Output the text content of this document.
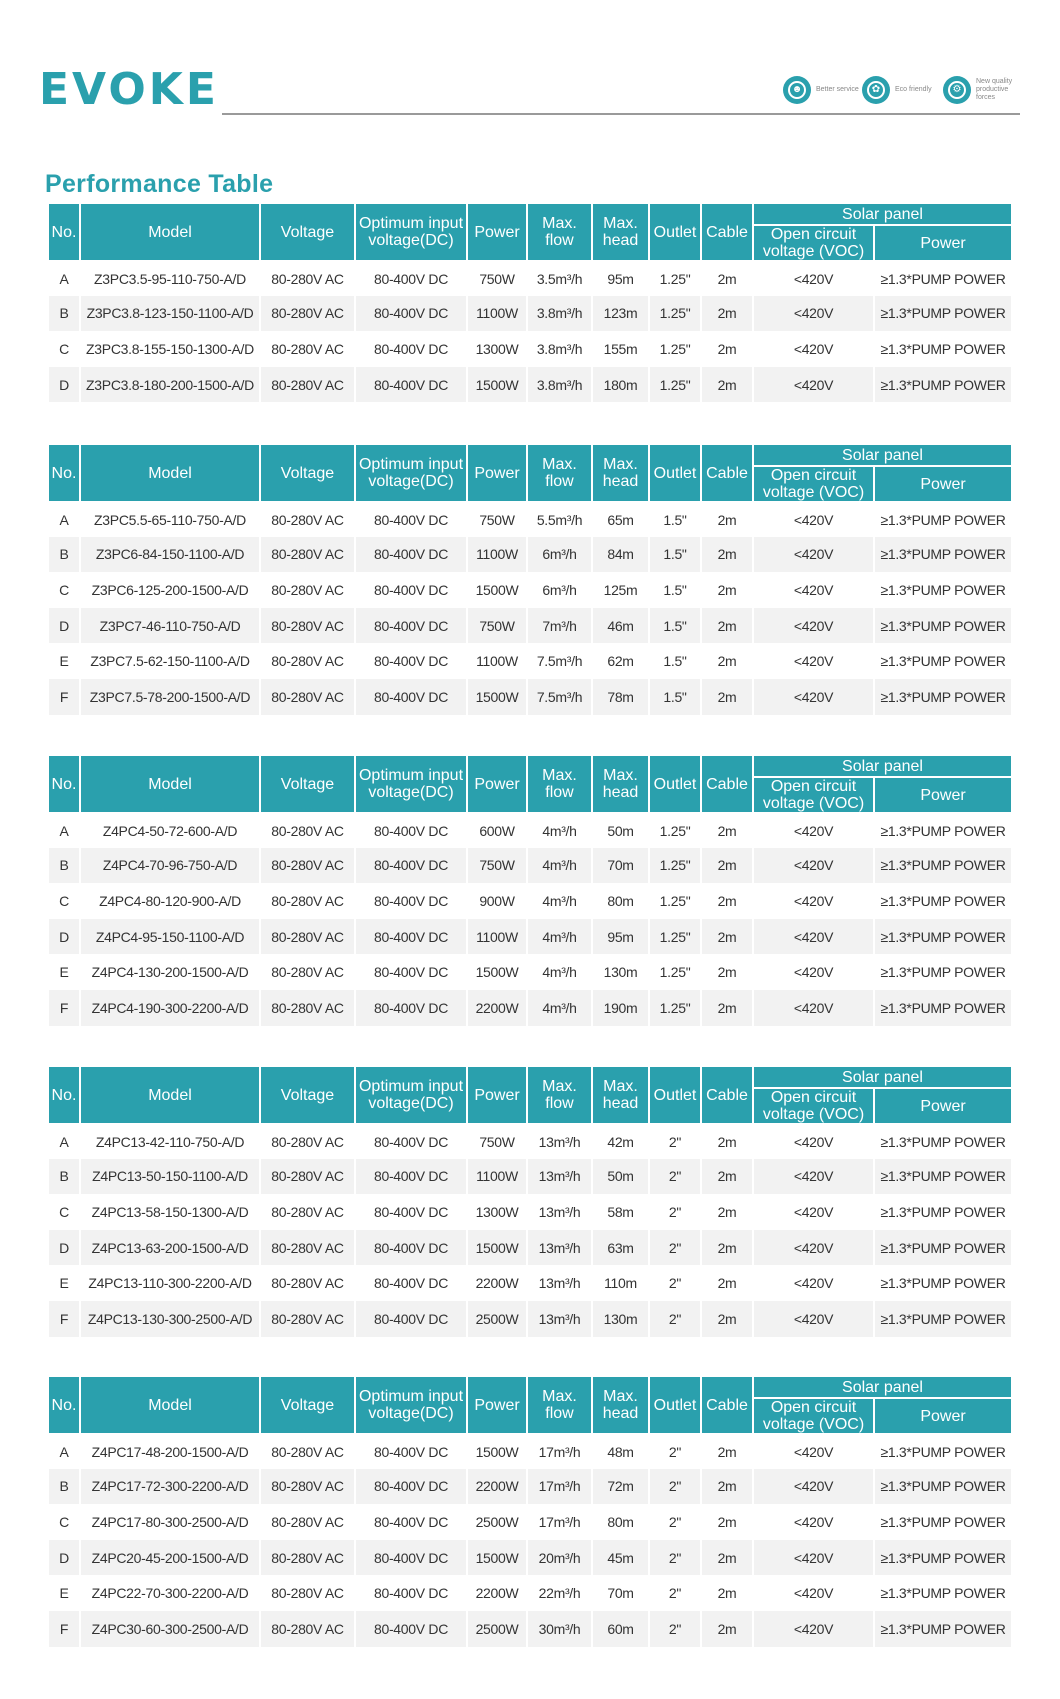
EVOKE	☻	Better service	✿	Eco friendly	⚙
New quality productive forces
Performance Table
No.	Model	Voltage	Optimum input voltage(DC)	Power	Max. flow	Max. head	Outlet	Cable	Solar panel	
									Open circuit voltage (VOC)	Power
A	Z3PC3.5-95-110-750-A/D	80-280V AC	80-400V DC	750W	3.5m³/h	95m	1.25"	2m	<420V	≥1.3*PUMP POWER
B	Z3PC3.8-123-150-1100-A/D	80-280V AC	80-400V DC	1100W	3.8m³/h	123m	1.25"	2m	<420V	≥1.3*PUMP POWER
C	Z3PC3.8-155-150-1300-A/D	80-280V AC	80-400V DC	1300W	3.8m³/h	155m	1.25"	2m	<420V	≥1.3*PUMP POWER
D	Z3PC3.8-180-200-1500-A/D	80-280V AC	80-400V DC	1500W	3.8m³/h	180m	1.25"	2m	<420V	≥1.3*PUMP POWER
No.	Model	Voltage	Optimum input voltage(DC)	Power	Max. flow	Max. head	Outlet	Cable	Solar panel	
									Open circuit voltage (VOC)	Power
A	Z3PC5.5-65-110-750-A/D	80-280V AC	80-400V DC	750W	5.5m³/h	65m	1.5"	2m	<420V	≥1.3*PUMP POWER
B	Z3PC6-84-150-1100-A/D	80-280V AC	80-400V DC	1100W	6m³/h	84m	1.5"	2m	<420V	≥1.3*PUMP POWER
C	Z3PC6-125-200-1500-A/D	80-280V AC	80-400V DC	1500W	6m³/h	125m	1.5"	2m	<420V	≥1.3*PUMP POWER
D	Z3PC7-46-110-750-A/D	80-280V AC	80-400V DC	750W	7m³/h	46m	1.5"	2m	<420V	≥1.3*PUMP POWER
E	Z3PC7.5-62-150-1100-A/D	80-280V AC	80-400V DC	1100W	7.5m³/h	62m	1.5"	2m	<420V	≥1.3*PUMP POWER
F	Z3PC7.5-78-200-1500-A/D	80-280V AC	80-400V DC	1500W	7.5m³/h	78m	1.5"	2m	<420V	≥1.3*PUMP POWER
No.	Model	Voltage	Optimum input voltage(DC)	Power	Max. flow	Max. head	Outlet	Cable	Solar panel	
									Open circuit voltage (VOC)	Power
A	Z4PC4-50-72-600-A/D	80-280V AC	80-400V DC	600W	4m³/h	50m	1.25"	2m	<420V	≥1.3*PUMP POWER
B	Z4PC4-70-96-750-A/D	80-280V AC	80-400V DC	750W	4m³/h	70m	1.25"	2m	<420V	≥1.3*PUMP POWER
C	Z4PC4-80-120-900-A/D	80-280V AC	80-400V DC	900W	4m³/h	80m	1.25"	2m	<420V	≥1.3*PUMP POWER
D	Z4PC4-95-150-1100-A/D	80-280V AC	80-400V DC	1100W	4m³/h	95m	1.25"	2m	<420V	≥1.3*PUMP POWER
E	Z4PC4-130-200-1500-A/D	80-280V AC	80-400V DC	1500W	4m³/h	130m	1.25"	2m	<420V	≥1.3*PUMP POWER
F	Z4PC4-190-300-2200-A/D	80-280V AC	80-400V DC	2200W	4m³/h	190m	1.25"	2m	<420V	≥1.3*PUMP POWER
No.	Model	Voltage	Optimum input voltage(DC)	Power	Max. flow	Max. head	Outlet	Cable	Solar panel	
									Open circuit voltage (VOC)	Power
A	Z4PC13-42-110-750-A/D	80-280V AC	80-400V DC	750W	13m³/h	42m	2"	2m	<420V	≥1.3*PUMP POWER
B	Z4PC13-50-150-1100-A/D	80-280V AC	80-400V DC	1100W	13m³/h	50m	2"	2m	<420V	≥1.3*PUMP POWER
C	Z4PC13-58-150-1300-A/D	80-280V AC	80-400V DC	1300W	13m³/h	58m	2"	2m	<420V	≥1.3*PUMP POWER
D	Z4PC13-63-200-1500-A/D	80-280V AC	80-400V DC	1500W	13m³/h	63m	2"	2m	<420V	≥1.3*PUMP POWER
E	Z4PC13-110-300-2200-A/D	80-280V AC	80-400V DC	2200W	13m³/h	110m	2"	2m	<420V	≥1.3*PUMP POWER
F	Z4PC13-130-300-2500-A/D	80-280V AC	80-400V DC	2500W	13m³/h	130m	2"	2m	<420V	≥1.3*PUMP POWER
No.	Model	Voltage	Optimum input voltage(DC)	Power	Max. flow	Max. head	Outlet	Cable	Solar panel	
									Open circuit voltage (VOC)	Power
A	Z4PC17-48-200-1500-A/D	80-280V AC	80-400V DC	1500W	17m³/h	48m	2"	2m	<420V	≥1.3*PUMP POWER
B	Z4PC17-72-300-2200-A/D	80-280V AC	80-400V DC	2200W	17m³/h	72m	2"	2m	<420V	≥1.3*PUMP POWER
C	Z4PC17-80-300-2500-A/D	80-280V AC	80-400V DC	2500W	17m³/h	80m	2"	2m	<420V	≥1.3*PUMP POWER
D	Z4PC20-45-200-1500-A/D	80-280V AC	80-400V DC	1500W	20m³/h	45m	2"	2m	<420V	≥1.3*PUMP POWER
E	Z4PC22-70-300-2200-A/D	80-280V AC	80-400V DC	2200W	22m³/h	70m	2"	2m	<420V	≥1.3*PUMP POWER
F	Z4PC30-60-300-2500-A/D	80-280V AC	80-400V DC	2500W	30m³/h	60m	2"	2m	<420V	≥1.3*PUMP POWER
